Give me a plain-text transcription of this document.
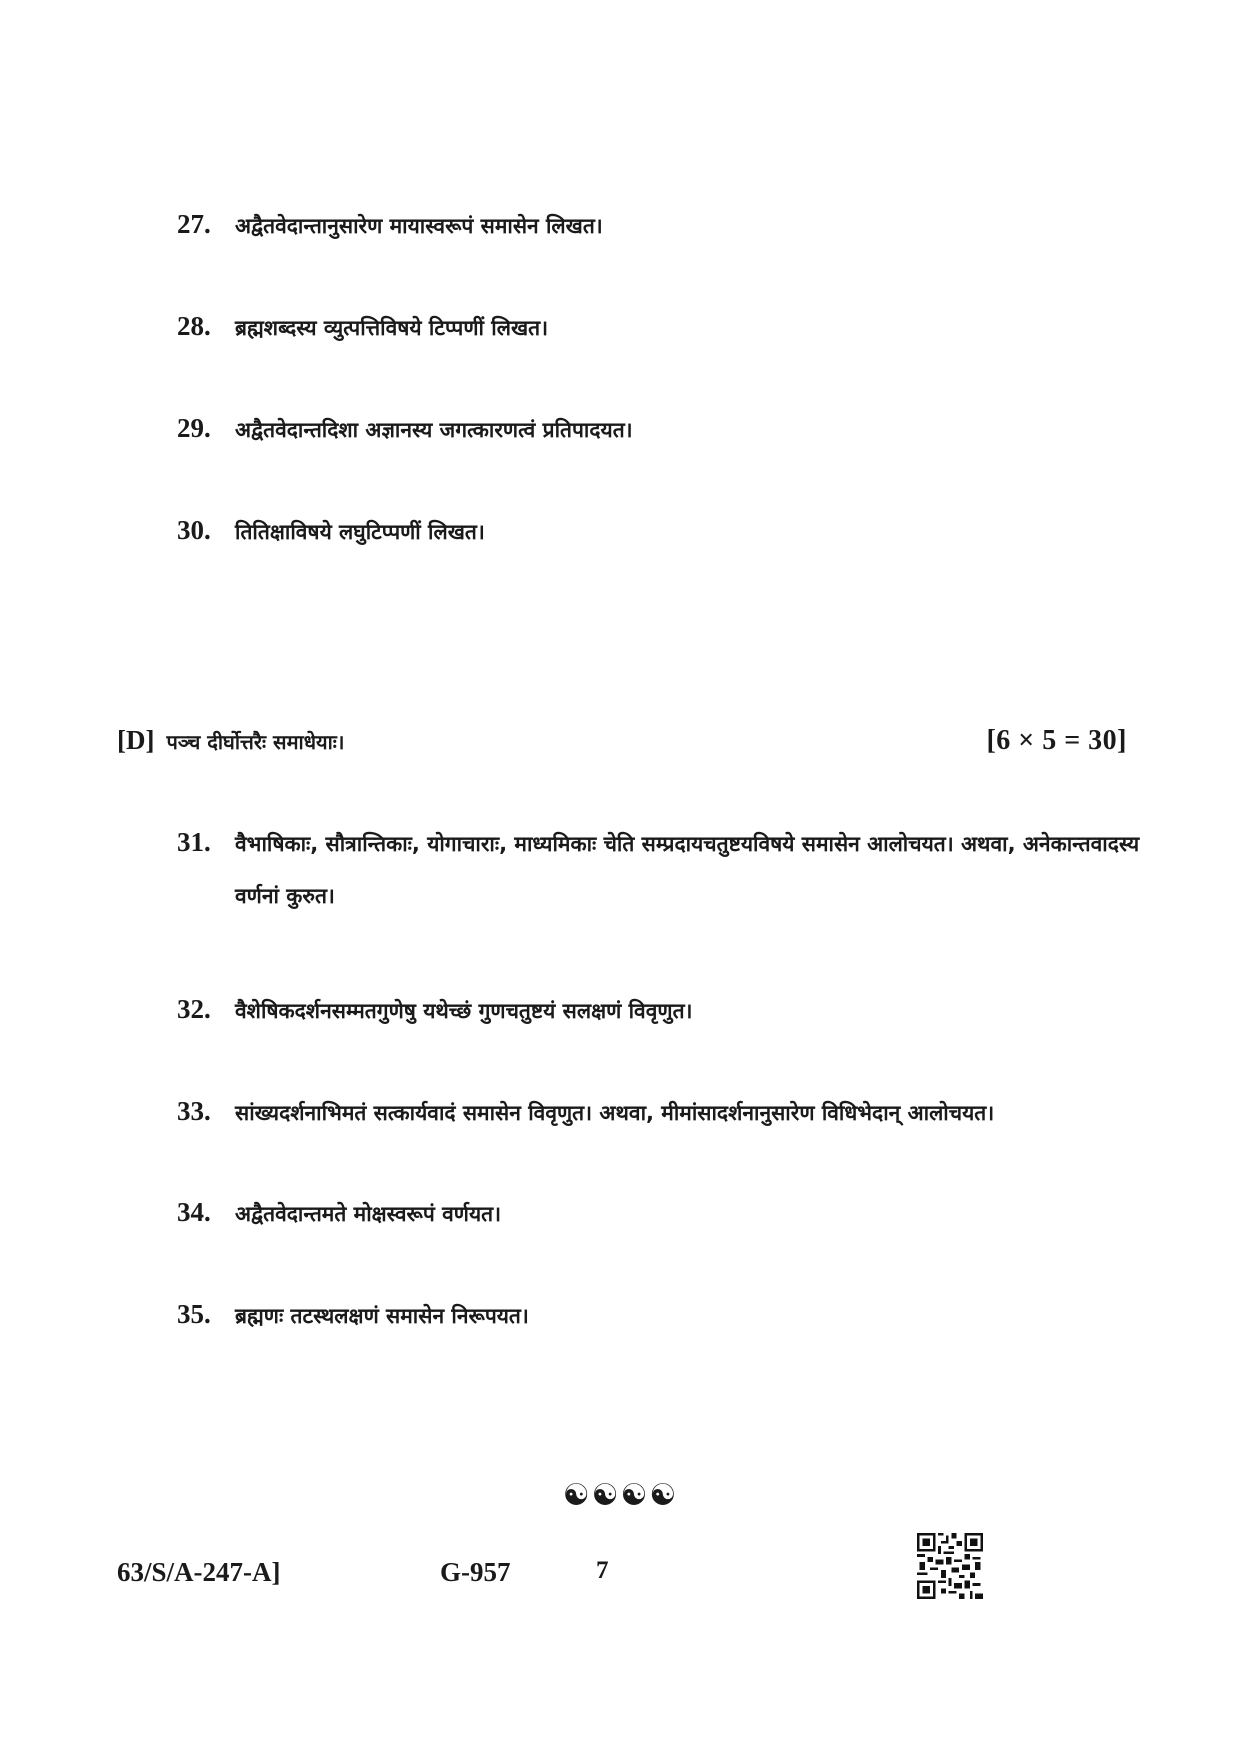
27.	अद्वैतवेदान्तानुसारेण मायास्वरूपं समासेन लिखत।
28.	ब्रह्मशब्दस्य व्युत्पत्तिविषये टिप्पणीं लिखत।
29.	अद्वैतवेदान्तदिशा अज्ञानस्य जगत्कारणत्वं प्रतिपादयत।
30.	तितिक्षाविषये लघुटिप्पणीं लिखत।
[D] पञ्च दीर्घोत्तरैः समाधेयाः।	[6 × 5 = 30]
31.	वैभाषिकाः, सौत्रान्तिकाः, योगाचाराः, माध्यमिकाः चेति सम्प्रदायचतुष्टयविषये समासेन आलोचयत। अथवा, अनेकान्तवादस्य वर्णनां कुरुत।
32.	वैशेषिकदर्शनसम्मतगुणेषु यथेच्छं गुणचतुष्टयं सलक्षणं विवृणुत।
33.	सांख्यदर्शनाभिमतं सत्कार्यवादं समासेन विवृणुत। अथवा, मीमांसादर्शनानुसारेण विधिभेदान् आलोचयत।
34.	अद्वैतवेदान्तमते मोक्षस्वरूपं वर्णयत।
35.	ब्रह्मणः तटस्थलक्षणं समासेन निरूपयत।
☯☯☯☯
63/S/A-247-A]	G-957	7
